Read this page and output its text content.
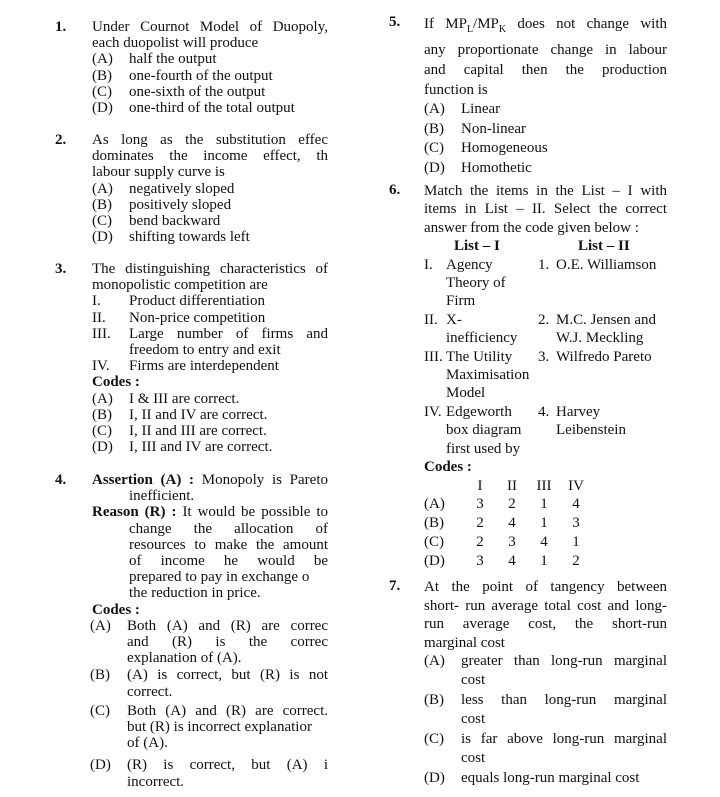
1. Under Cournot Model of Duopoly,
each duopolist will produce
(A)	half the output
(B)	one-fourth of the output
(C)	one-sixth of the output
(D)	one-third of the total output
2. As long as the substitution effec
dominates the income effect, th
labour supply curve is
(A)	negatively sloped
(B)	positively sloped
(C)	bend backward
(D)	shifting towards left
3. The distinguishing characteristics of
monopolistic competition are
I.	Product differentiation
II.	Non-price competition
III.	Large number of firms and
freedom to entry and exit
IV.	Firms are interdependent
Codes :
(A)	I & III are correct.
(B)	I, II and IV are correct.
(C)	I, II and III are correct.
(D)	I, III and IV are correct.
4. Assertion (A) : Monopoly is Pareto
inefficient.
Reason (R) : It would be possible to
change the allocation of
resources to make the amount
of income he would be
prepared to pay in exchange o
the reduction in price.
Codes :
(A)	Both (A) and (R) are correc
and (R) is the correc
explanation of (A).
(B)	(A) is correct, but (R) is not
correct.
(C)	Both (A) and (R) are correct.
but (R) is incorrect explanatior
of (A).
(D)	(R) is correct, but (A) i
incorrect.
5. If $MP_L/MP_K$ does not change with
any proportionate change in labour
and capital then the production
function is
(A)	Linear
(B)	Non-linear
(C)	Homogeneous
(D)	Homothetic
6. Match the items in the List – I with
items in List – II. Select the correct
answer from the code given below :
List – I		List – II	
I.	Agency
Theory of
Firm	1.	O.E. Williamson

II.	X-
inefficiency	2.	M.C. Jensen and
W.J. Meckling

III.	The Utility
Maximisation
Model	3.	Wilfredo Pareto

IV.	Edgeworth
box diagram
first used by	4.	Harvey
Leibenstein
Codes :
	I	II	III	IV
(A)	3	2	1	4
(B)	2	4	1	3
(C)	2	3	4	1
(D)	3	4	1	2
7. At the point of tangency between
short- run average total cost and long-
run average cost, the short-run
marginal cost
(A)	greater than long-run marginal
cost
(B)	less than long-run marginal
cost
(C)	is far above long-run marginal
cost
(D)	equals long-run marginal cost
